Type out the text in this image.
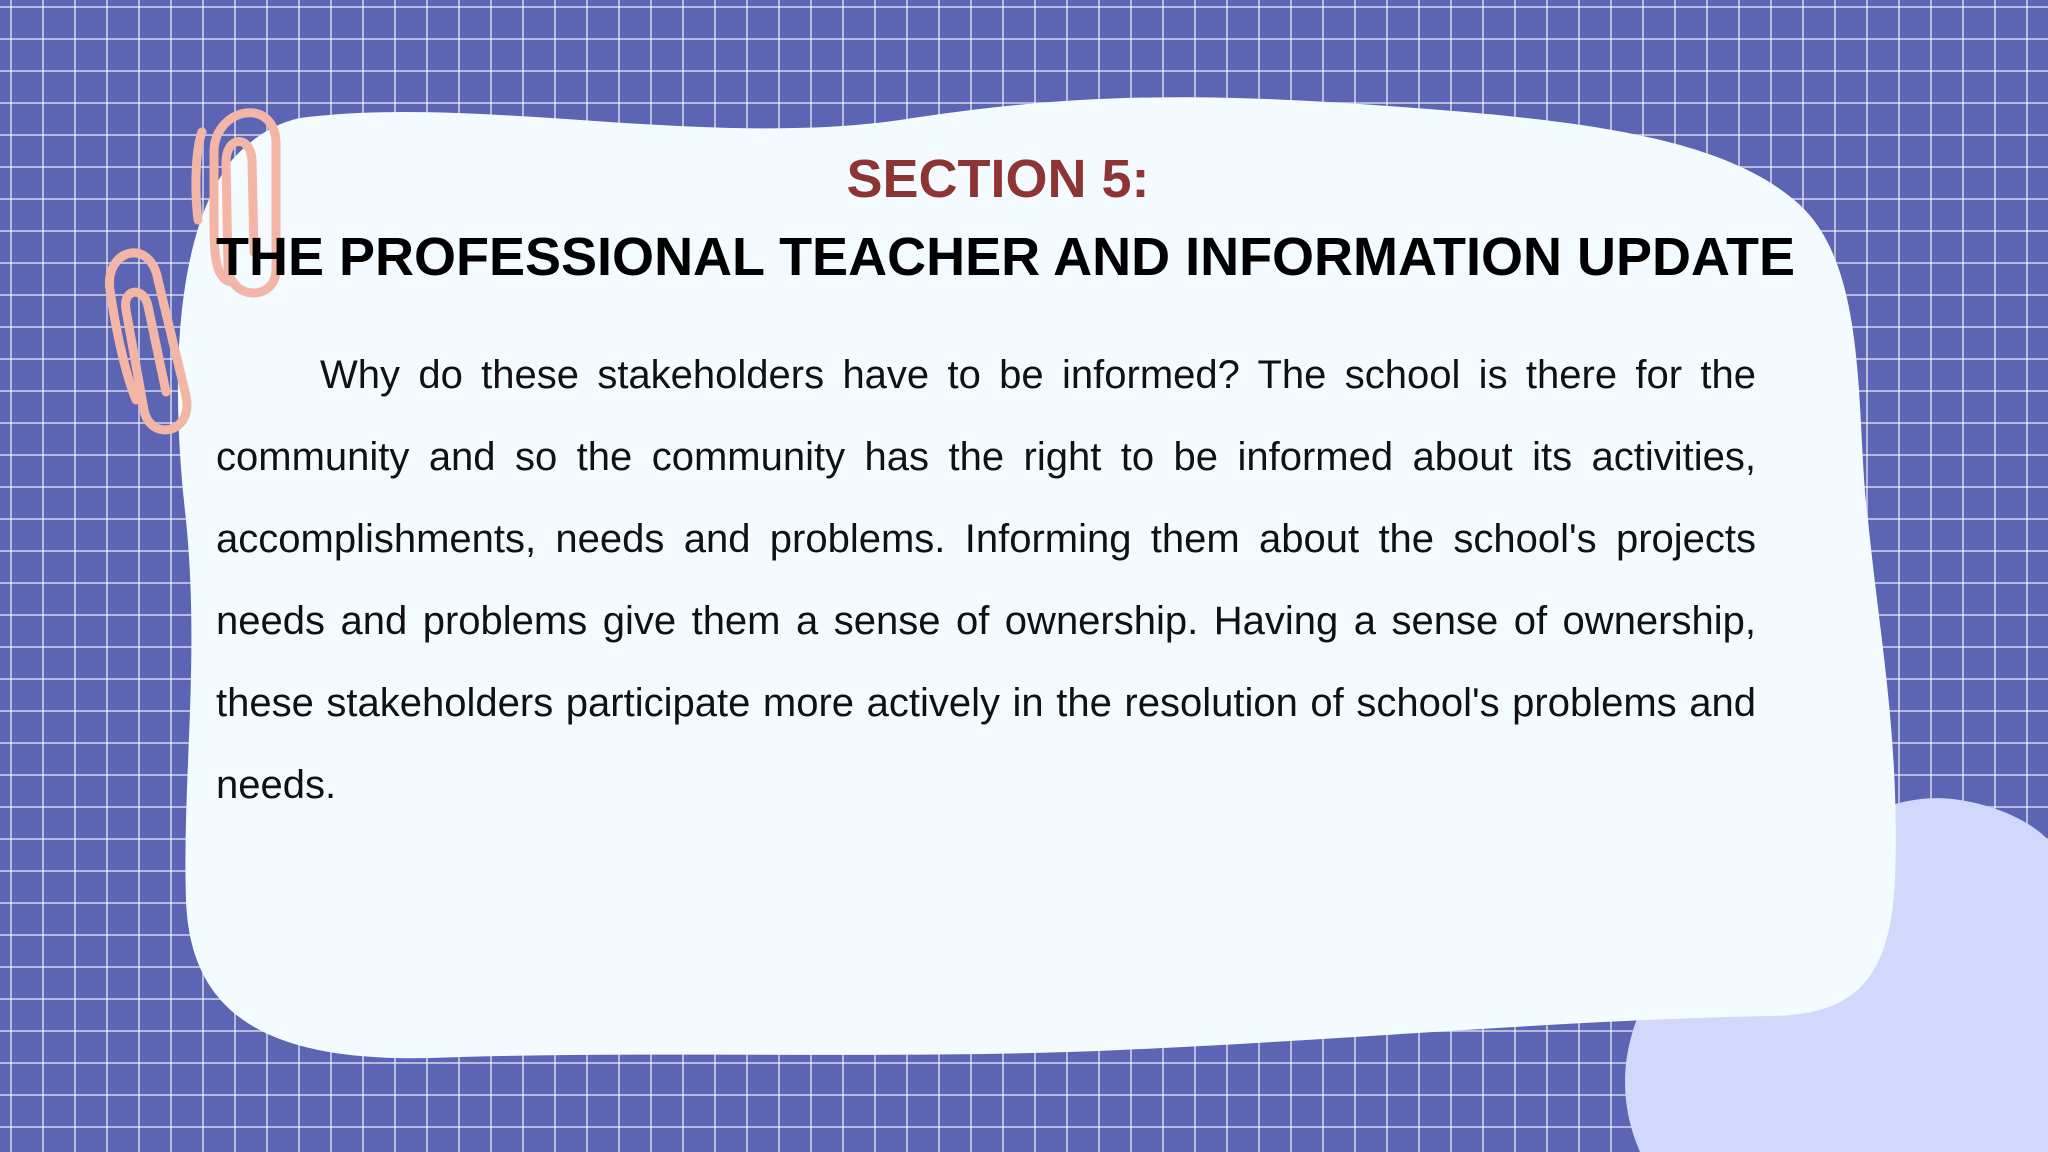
SECTION 5:
THE PROFESSIONAL TEACHER AND INFORMATION UPDATE

Why do these stakeholders have to be informed? The school is there for the community and so the community has the right to be informed about its activities, accomplishments, needs and problems. Informing them about the school's projects needs and problems give them a sense of ownership. Having a sense of ownership, these stakeholders participate more actively in the resolution of school's problems and needs.
